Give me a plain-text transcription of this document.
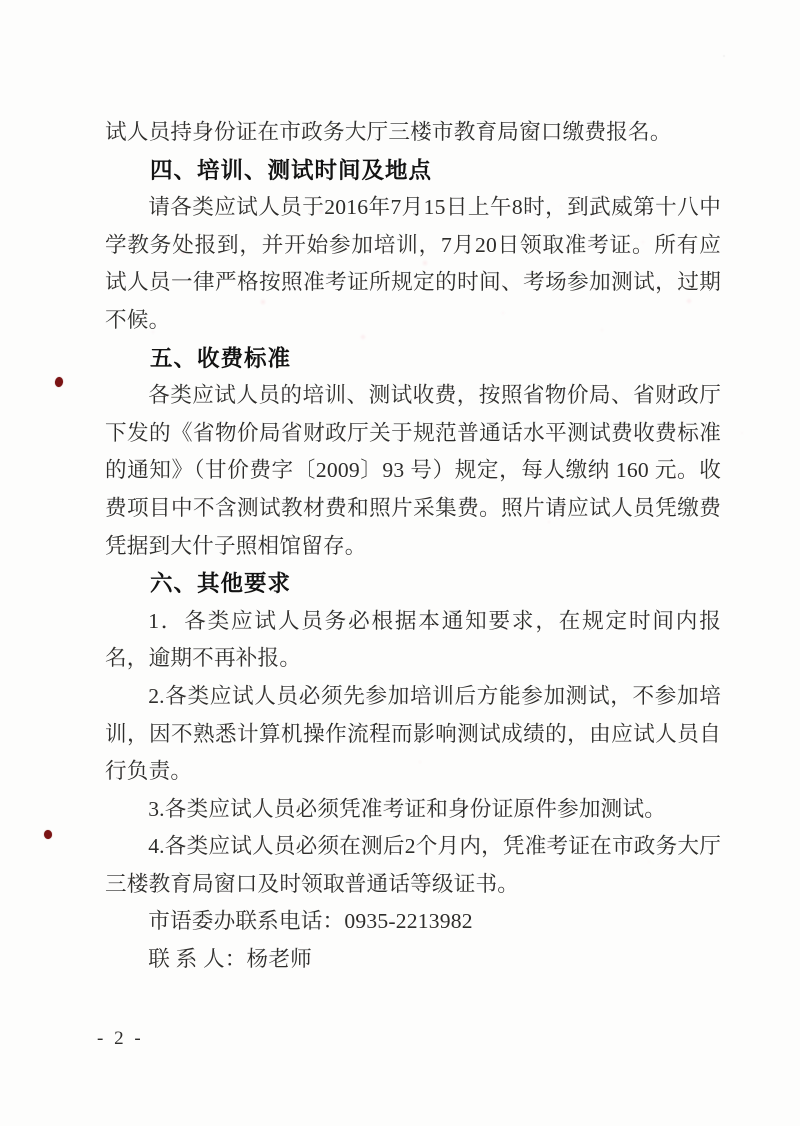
试人员持身份证在市政务大厅三楼市教育局窗口缴费报名。

四、培训、测试时间及地点

请各类应试人员于2016年7月15日上午8时，到武威第十八中学教务处报到，并开始参加培训，7月20日领取准考证。所有应试人员一律严格按照准考证所规定的时间、考场参加测试，过期不候。

五、收费标准

各类应试人员的培训、测试收费，按照省物价局、省财政厅下发的《省物价局省财政厅关于规范普通话水平测试费收费标准的通知》（甘价费字〔2009〕93 号）规定，每人缴纳 160 元。收费项目中不含测试教材费和照片采集费。照片请应试人员凭缴费凭据到大什子照相馆留存。

六、其他要求

1．各类应试人员务必根据本通知要求，在规定时间内报名，逾期不再补报。

2.各类应试人员必须先参加培训后方能参加测试，不参加培训，因不熟悉计算机操作流程而影响测试成绩的，由应试人员自行负责。

3.各类应试人员必须凭准考证和身份证原件参加测试。

4.各类应试人员必须在测后2个月内，凭准考证在市政务大厅三楼教育局窗口及时领取普通话等级证书。

市语委办联系电话：0935-2213982

联 系 人：杨老师

- 2 -
